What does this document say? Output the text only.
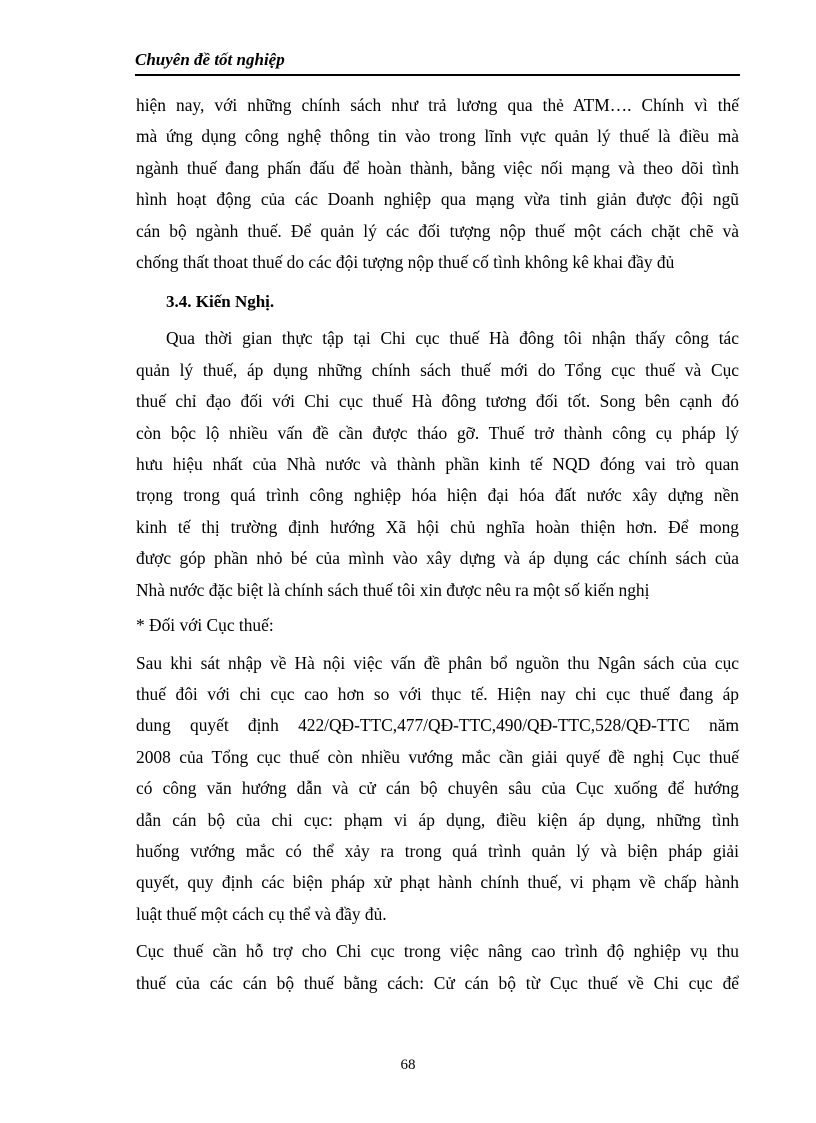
Chuyên đề tốt nghiệp
hiện nay, với những chính sách như trả lương qua thẻ ATM…. Chính vì thế
mà ứng dụng công nghệ thông tin vào trong lĩnh vực quản lý thuế là điều mà
ngành thuế đang phấn đấu để hoàn thành, bằng việc nối mạng và theo dõi tình
hình hoạt động của các Doanh nghiệp qua mạng vừa tinh giản được đội ngũ
cán bộ ngành thuế. Để quản lý các đối tượng nộp thuế một cách chặt chẽ và
chống thất thoat thuế do các đội tượng nộp thuế cố tình không kê khai đầy đủ
3.4. Kiến Nghị.
Qua thời gian thực tập tại Chi cục thuế Hà đông tôi nhận thấy công tác
quản lý thuế, áp dụng những chính sách thuế mới do Tổng cục thuế và Cục
thuế chỉ đạo đối với Chi cục thuế Hà đông tương đối tốt. Song bên cạnh đó
còn bộc lộ nhiều vấn đề cần được tháo gỡ. Thuế trở thành công cụ pháp lý
hưu hiệu nhất của Nhà nước và thành phần kinh tế NQD đóng vai trò quan
trọng trong quá trình công nghiệp hóa hiện đại hóa đất nước xây dựng nền
kinh tế thị trường định hướng Xã hội chủ nghĩa hoàn thiện hơn. Để mong
được góp phần nhỏ bé của mình vào xây dựng và áp dụng các chính sách của
Nhà nước đặc biệt là chính sách thuế tôi xin được nêu ra một số kiến nghị
* Đối với Cục thuế:
Sau khi sát nhập về Hà nội việc vấn đề phân bổ nguồn thu Ngân sách của cục
thuế đôi với chi cục cao hơn so với thục tế. Hiện nay chi cục thuế đang áp
dung quyết định 422/QĐ-TTC,477/QĐ-TTC,490/QĐ-TTC,528/QĐ-TTC năm
2008 của Tổng cục thuế còn nhiều vướng mắc cần giải quyế đề nghị Cục thuế
có công văn hướng dẫn và cử cán bộ chuyên sâu của Cục xuống để hướng
dẫn cán bộ của chi cục: phạm vi áp dụng, điều kiện áp dụng, những tình
huống vướng mắc có thể xảy ra trong quá trình quản lý và biện pháp giải
quyết, quy định các biện pháp xử phạt hành chính thuế, vi phạm về chấp hành
luật thuế một cách cụ thể và đầy đủ.
Cục thuế cần hỗ trợ cho Chi cục trong việc nâng cao trình độ nghiệp vụ thu
thuế của các cán bộ thuế bằng cách: Cử cán bộ từ Cục thuế về Chi cục để
68
